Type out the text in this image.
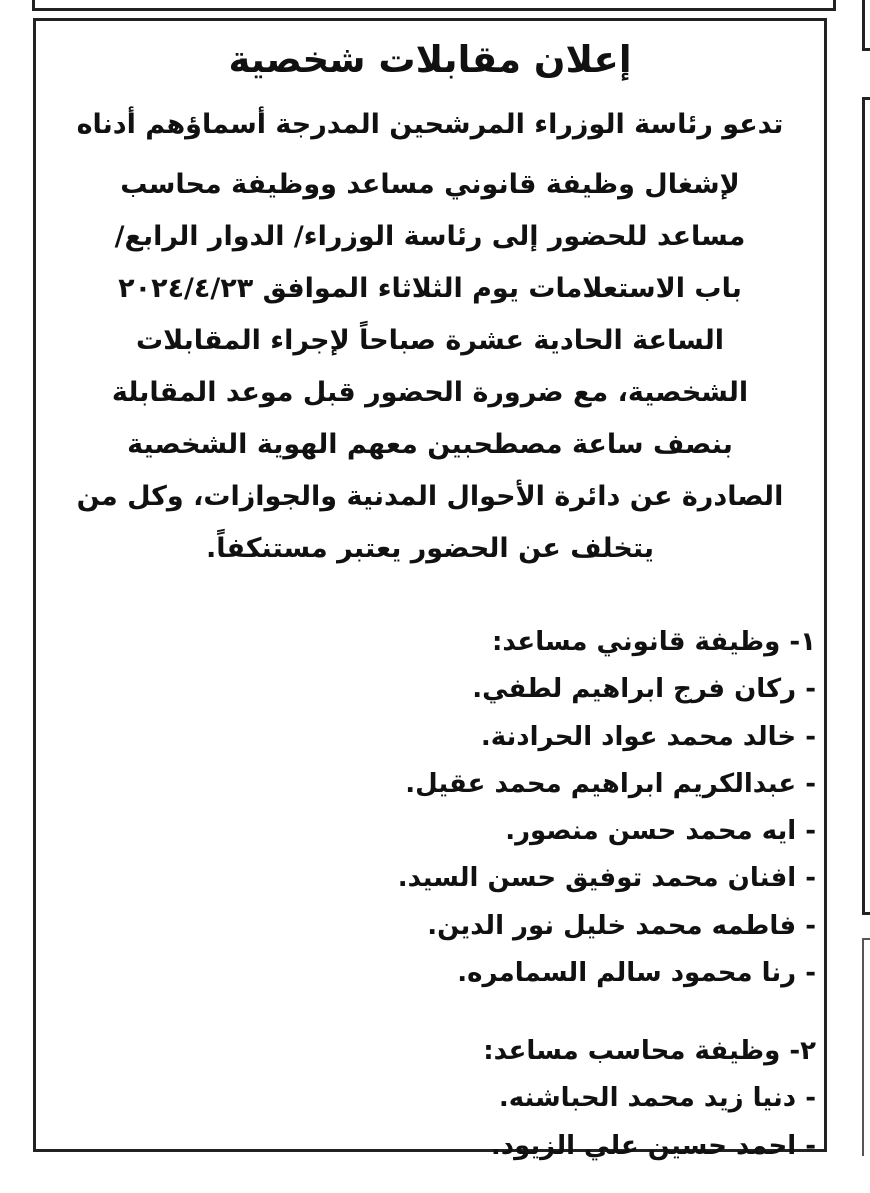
إعلان مقابلات شخصية
تدعو رئاسة الوزراء المرشحين المدرجة أسماؤهم أدناه
لإشغال وظيفة قانوني مساعد ووظيفة محاسب
مساعد للحضور إلى رئاسة الوزراء/ الدوار الرابع/
باب الاستعلامات يوم الثلاثاء الموافق ٢٠٢٤/٤/٢٣
الساعة الحادية عشرة صباحاً لإجراء المقابلات
الشخصية، مع ضرورة الحضور قبل موعد المقابلة
بنصف ساعة مصطحبين معهم الهوية الشخصية
الصادرة عن دائرة الأحوال المدنية والجوازات، وكل من
يتخلف عن الحضور يعتبر مستنكفاً.
١- وظيفة قانوني مساعد:
- ركان فرج ابراهيم لطفي.
- خالد محمد عواد الحرادنة.
- عبدالكريم ابراهيم محمد عقيل.
- ايه محمد حسن منصور.
- افنان محمد توفيق حسن السيد.
- فاطمه محمد خليل نور الدين.
- رنا محمود سالم السمامره.
٢- وظيفة محاسب مساعد:
- دنيا زيد محمد الحباشنه.
- احمد حسين علي الزيود.
